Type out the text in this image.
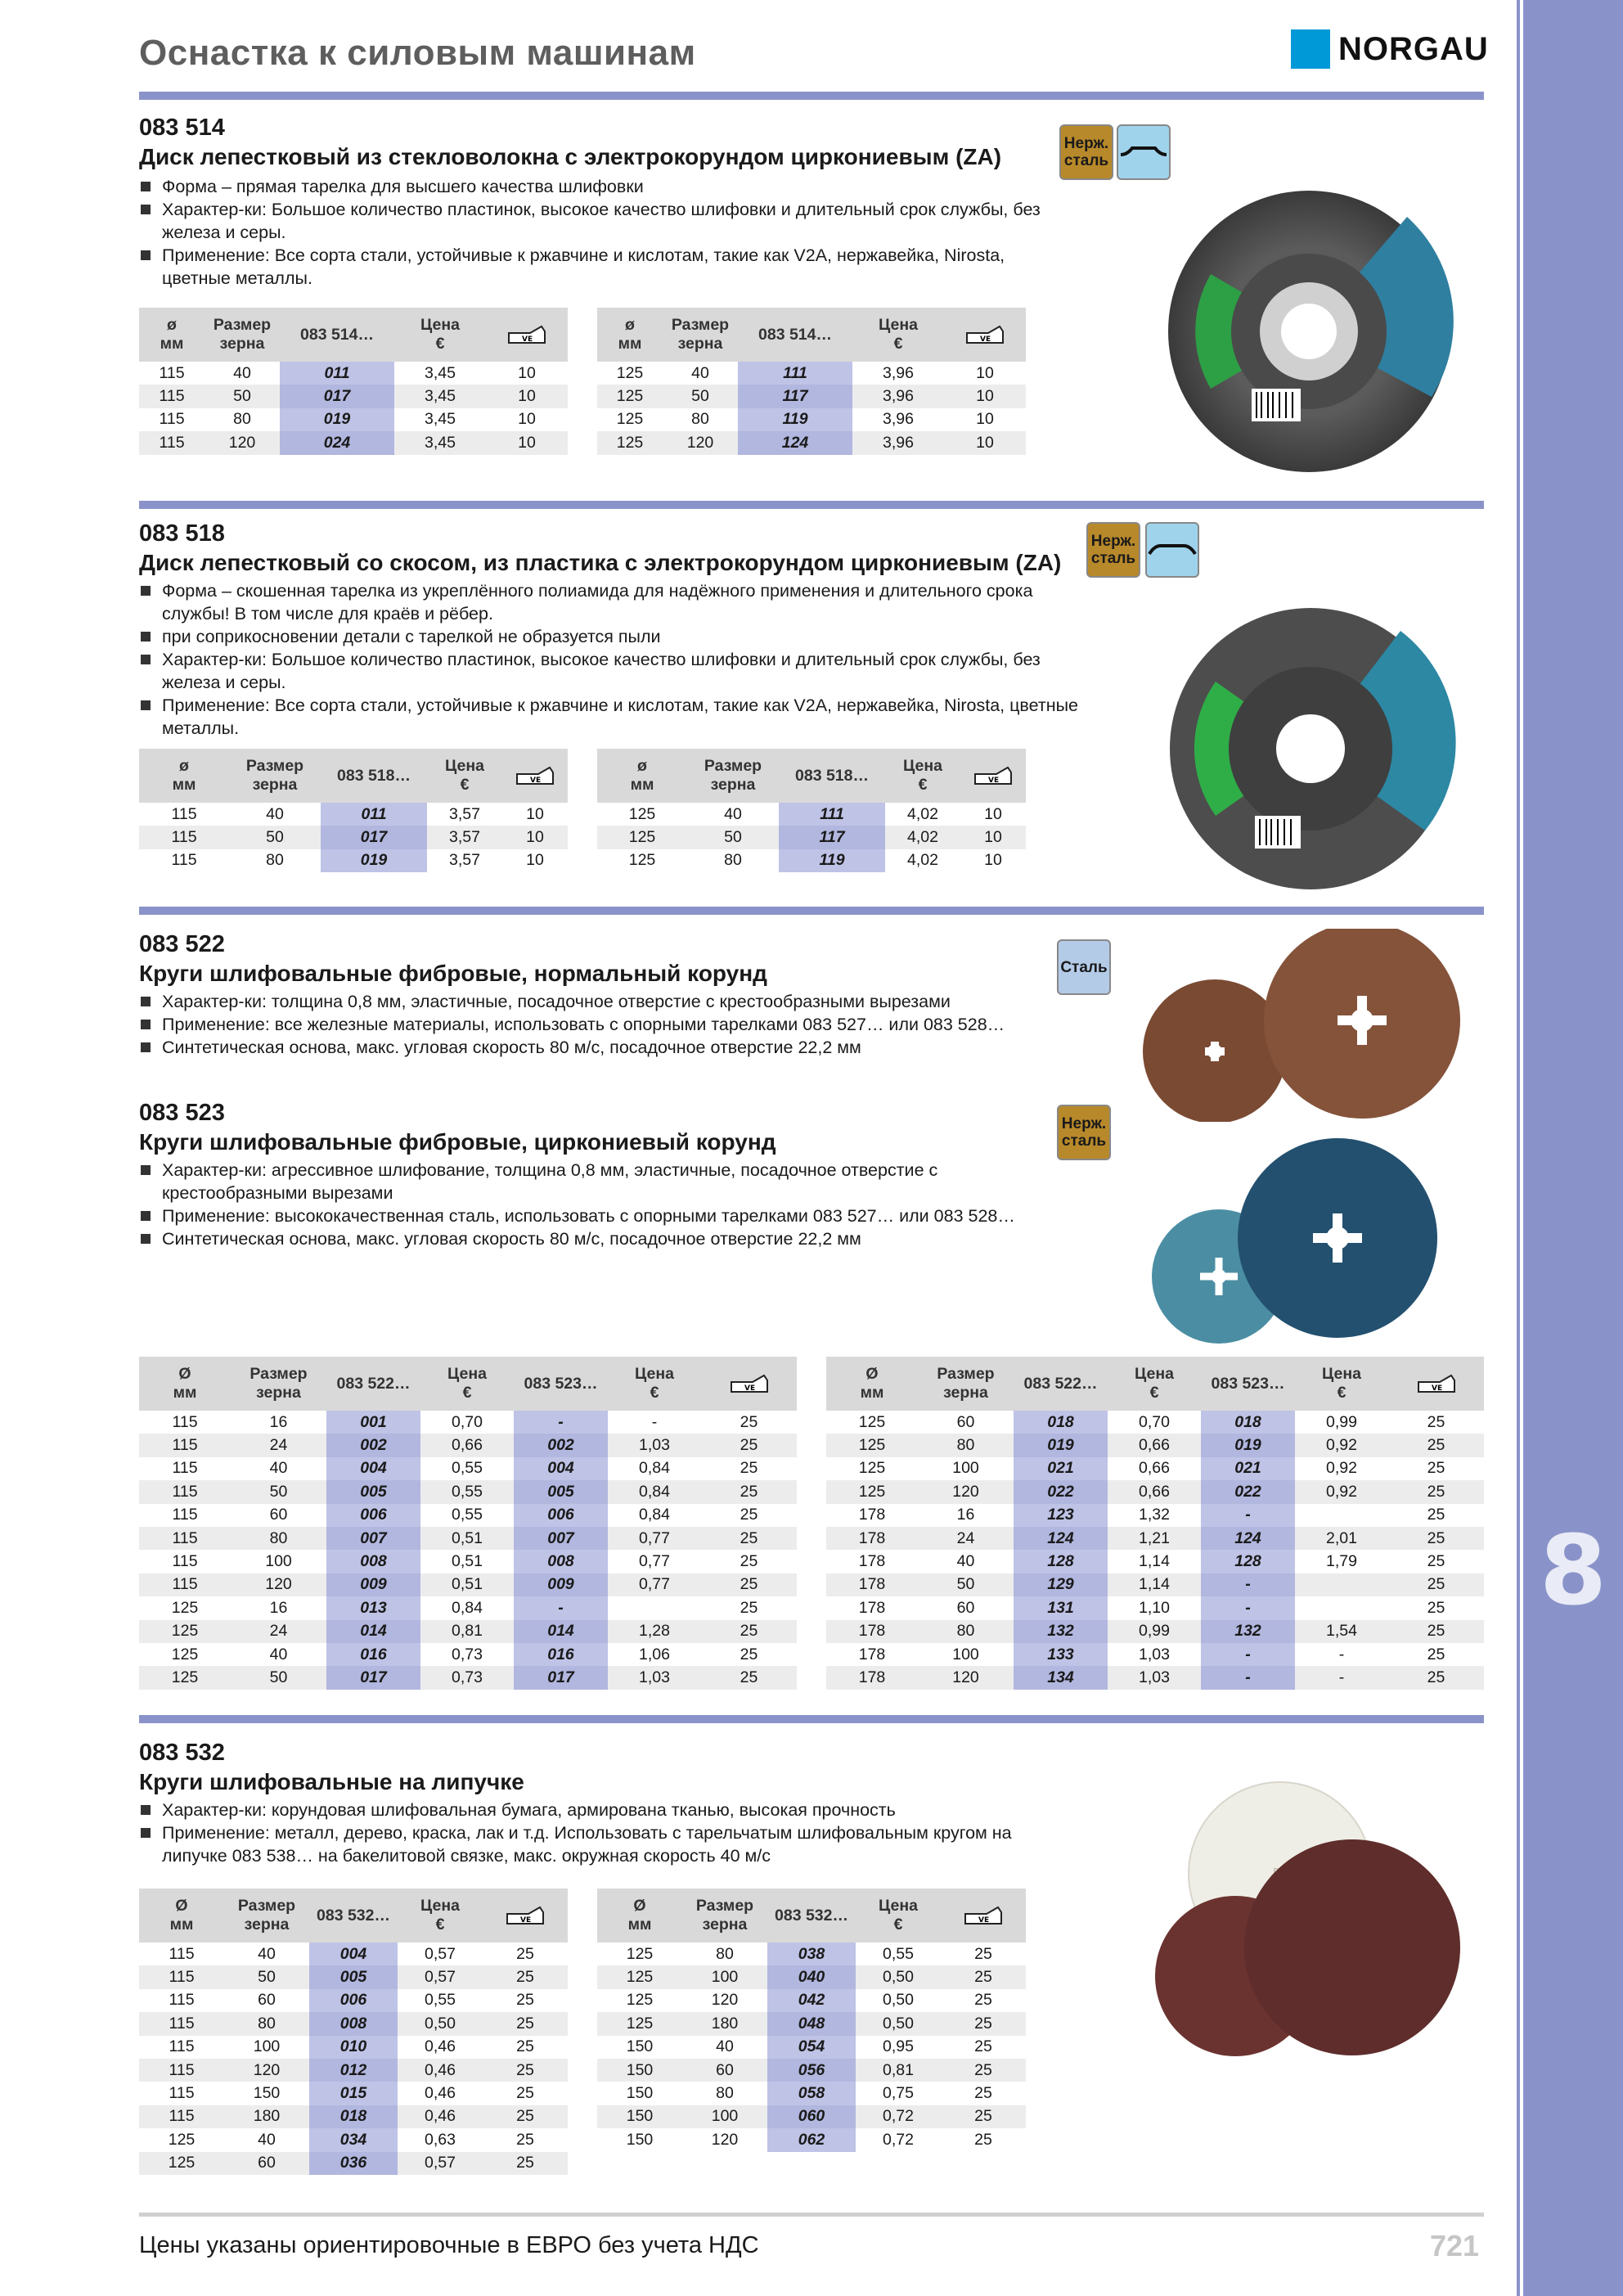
8
Оснастка к силовым машинам	NORGAU
083 514
Диск лепестковый из стекловолокна с электрокорундом циркониевым (ZA)
Форма – прямая тарелка для высшего качества шлифовки
Характер-ки: Большое количество пластинок, высокое качество шлифовки и длительный срок службы, без железа и серы.
Применение: Все сорта стали, устойчивые к ржавчине и кислотам, такие как V2A, нержавейка, Nirosta, цветные металлы.
Нерж.
сталь
ø
мм	Размер
зерна	083 514…	Цена
€	VE

115	40	011	3,45	10
115	50	017	3,45	10
115	80	019	3,45	10
115	120	024	3,45	10
ø
мм	Размер
зерна	083 514…	Цена
€	VE

125	40	111	3,96	10
125	50	117	3,96	10
125	80	119	3,96	10
125	120	124	3,96	10
083 518
Диск лепестковый со скосом, из пластика с электрокорундом циркониевым (ZA)
Форма – скошенная тарелка из укреплённого полиамида для надёжного применения и длительного срока службы! В том числе для краёв и рёбер.
при соприкосновении детали с тарелкой не образуется пыли
Характер-ки: Большое количество пластинок, высокое качество шлифовки и длительный срок службы, без железа и серы.
Применение: Все сорта стали, устойчивые к ржавчине и кислотам, такие как V2A, нержавейка, Nirosta, цветные металлы.
Нерж.
сталь
ø
мм	Размер
зерна	083 518…	Цена
€	VE

115	40	011	3,57	10
115	50	017	3,57	10
115	80	019	3,57	10
ø
мм	Размер
зерна	083 518…	Цена
€	VE

125	40	111	4,02	10
125	50	117	4,02	10
125	80	119	4,02	10
083 522
Круги шлифовальные фибровые, нормальный корунд
Характер-ки: толщина 0,8 мм, эластичные, посадочное отверстие с крестообразными вырезами
Применение: все железные материалы, использовать с опорными тарелками 083 527… или 083 528…
Синтетическая основа, макс. угловая скорость 80 м/с, посадочное отверстие 22,2 мм
Сталь
083 523
Круги шлифовальные фибровые, циркониевый корунд
Характер-ки: агрессивное шлифование, толщина 0,8 мм, эластичные, посадочное отверстие с крестообразными вырезами
Применение: высококачественная сталь, использовать с опорными тарелками 083 527… или 083 528…
Синтетическая основа, макс. угловая скорость 80 м/с, посадочное отверстие 22,2 мм
Нерж.
сталь
Ø
мм	Размер
зерна	083 522…	Цена
€	083 523…	Цена
€	VE

115	16	001	0,70	-	-	25
115	24	002	0,66	002	1,03	25
115	40	004	0,55	004	0,84	25
115	50	005	0,55	005	0,84	25
115	60	006	0,55	006	0,84	25
115	80	007	0,51	007	0,77	25
115	100	008	0,51	008	0,77	25
115	120	009	0,51	009	0,77	25
125	16	013	0,84	-		25
125	24	014	0,81	014	1,28	25
125	40	016	0,73	016	1,06	25
125	50	017	0,73	017	1,03	25
Ø
мм	Размер
зерна	083 522…	Цена
€	083 523…	Цена
€	VE

125	60	018	0,70	018	0,99	25
125	80	019	0,66	019	0,92	25
125	100	021	0,66	021	0,92	25
125	120	022	0,66	022	0,92	25
178	16	123	1,32	-		25
178	24	124	1,21	124	2,01	25
178	40	128	1,14	128	1,79	25
178	50	129	1,14	-		25
178	60	131	1,10	-		25
178	80	132	0,99	132	1,54	25
178	100	133	1,03	-	-	25
178	120	134	1,03	-	-	25
083 532
Круги шлифовальные на липучке
Характер-ки: корундовая шлифовальная бумага, армирована тканью, высокая прочность
Применение: металл, дерево, краска, лак и т.д. Использовать с тарельчатым шлифовальным кругом на липучке 083 538… на бакелитовой связке, макс. окружная скорость 40 м/с
Ø
мм	Размер
зерна	083 532…	Цена
€	VE

115	40	004	0,57	25
115	50	005	0,57	25
115	60	006	0,55	25
115	80	008	0,50	25
115	100	010	0,46	25
115	120	012	0,46	25
115	150	015	0,46	25
115	180	018	0,46	25
125	40	034	0,63	25
125	60	036	0,57	25
Ø
мм	Размер
зерна	083 532…	Цена
€	VE

125	80	038	0,55	25
125	100	040	0,50	25
125	120	042	0,50	25
125	180	048	0,50	25
150	40	054	0,95	25
150	60	056	0,81	25
150	80	058	0,75	25
150	100	060	0,72	25
150	120	062	0,72	25
Цены указаны ориентировочные в ЕВРО без учета НДС	721
